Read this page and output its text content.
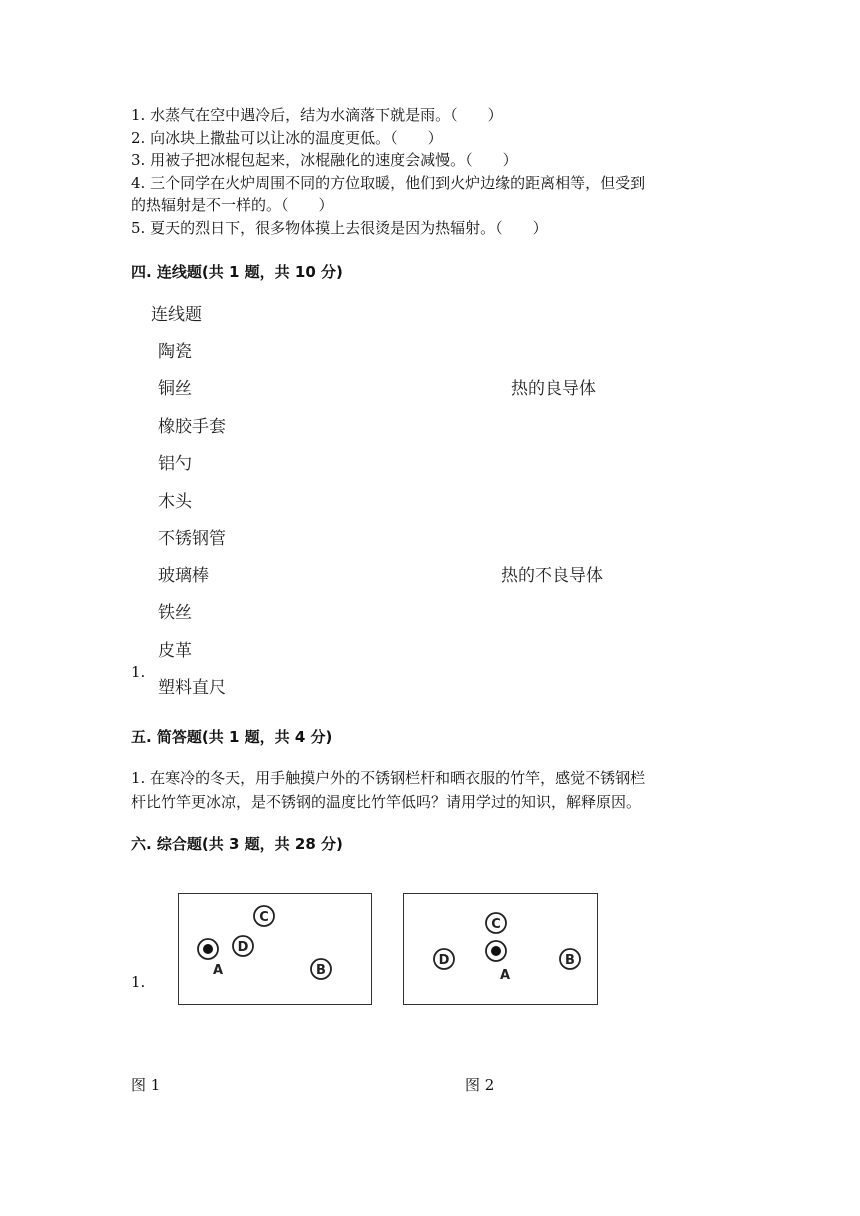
1. 水蒸气在空中遇冷后，结为水滴落下就是雨。（　　）
2. 向冰块上撒盐可以让冰的温度更低。（　　）
3. 用被子把冰棍包起来，冰棍融化的速度会减慢。（　　）
4. 三个同学在火炉周围不同的方位取暖，他们到火炉边缘的距离相等，但受到
的热辐射是不一样的。（　　）
5. 夏天的烈日下，很多物体摸上去很烫是因为热辐射。（　　）
四. 连线题(共 1 题，共 10 分)
连线题
陶瓷
铜丝
橡胶手套
铝勺
木头
不锈钢管
玻璃棒
铁丝
皮革
塑料直尺
热的良导体
热的不良导体
1.
五. 简答题(共 1 题，共 4 分)
1. 在寒冷的冬天，用手触摸户外的不锈钢栏杆和晒衣服的竹竿，感觉不锈钢栏
杆比竹竿更冰凉，是不锈钢的温度比竹竿低吗？请用学过的知识，解释原因。
六. 综合题(共 3 题，共 28 分)
1.
C
D
A	B
C
D
A
B
图 1	图 2
